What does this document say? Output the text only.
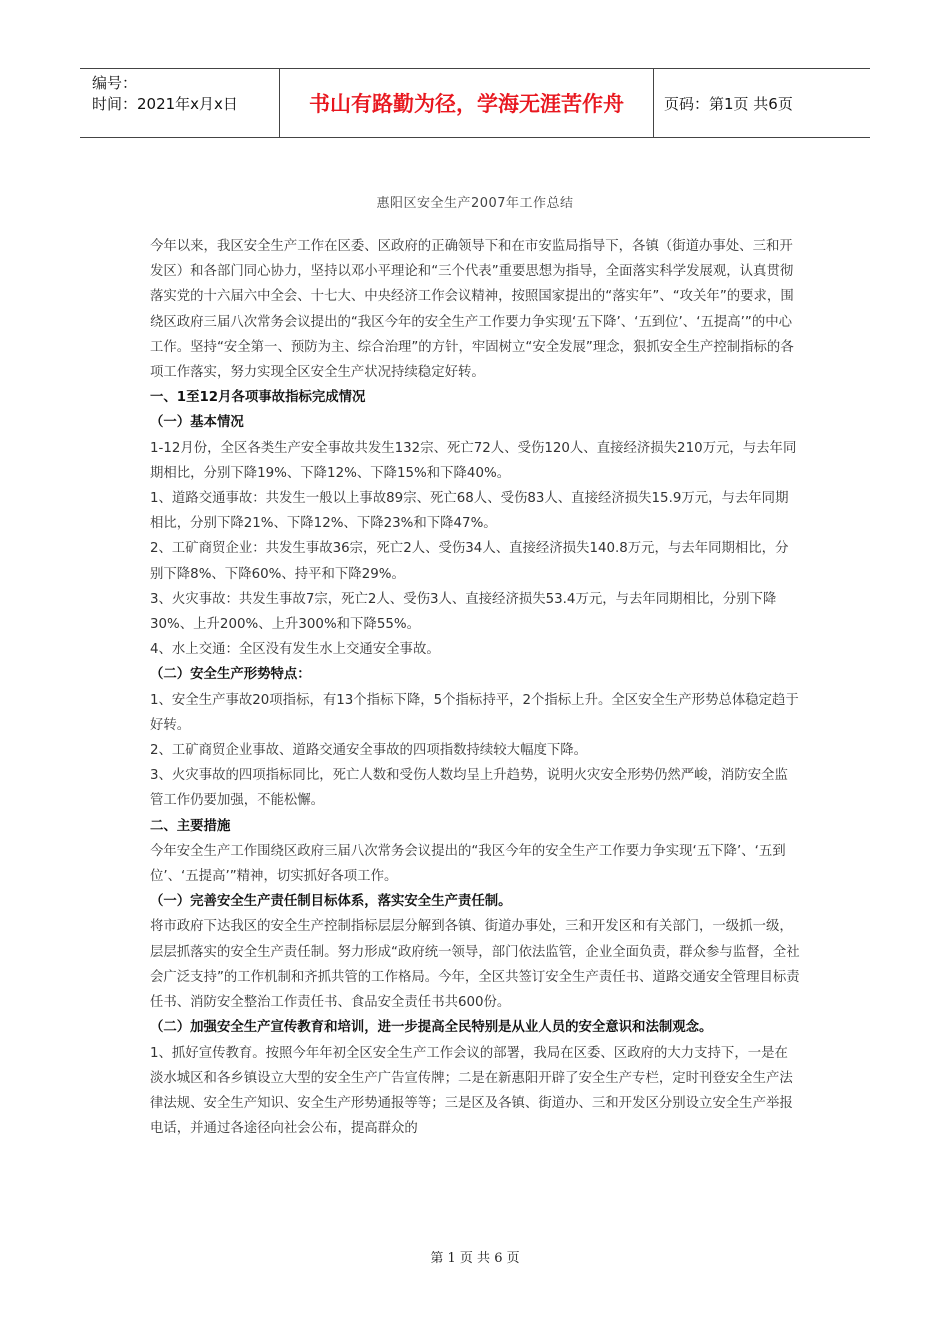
编号：
时间：2021年x月x日	书山有路勤为径，学海无涯苦作舟	页码：第1页 共6页
惠阳区安全生产2007年工作总结

今年以来，我区安全生产工作在区委、区政府的正确领导下和在市安监局指导下，各镇（街道办事处、三和开发区）和各部门同心协力，坚持以邓小平理论和“三个代表”重要思想为指导，全面落实科学发展观，认真贯彻落实党的十六届六中全会、十七大、中央经济工作会议精神，按照国家提出的“落实年”、“攻关年”的要求，围绕区政府三届八次常务会议提出的“我区今年的安全生产工作要力争实现‘五下降’、‘五到位’、‘五提高’”的中心工作。坚持“安全第一、预防为主、综合治理”的方针，牢固树立“安全发展”理念，狠抓安全生产控制指标的各项工作落实，努力实现全区安全生产状况持续稳定好转。

一、1至12月各项事故指标完成情况

（一）基本情况

1-12月份，全区各类生产安全事故共发生132宗、死亡72人、受伤120人、直接经济损失210万元，与去年同期相比，分别下降19%、下降12%、下降15%和下降40%。

1、道路交通事故：共发生一般以上事故89宗、死亡68人、受伤83人、直接经济损失15.9万元，与去年同期相比，分别下降21%、下降12%、下降23%和下降47%。

2、工矿商贸企业：共发生事故36宗，死亡2人、受伤34人、直接经济损失140.8万元，与去年同期相比，分别下降8%、下降60%、持平和下降29%。

3、火灾事故：共发生事故7宗，死亡2人、受伤3人、直接经济损失53.4万元，与去年同期相比，分别下降30%、上升200%、上升300%和下降55%。

4、水上交通：全区没有发生水上交通安全事故。

（二）安全生产形势特点：

1、安全生产事故20项指标，有13个指标下降，5个指标持平，2个指标上升。全区安全生产形势总体稳定趋于好转。

2、工矿商贸企业事故、道路交通安全事故的四项指数持续较大幅度下降。

3、火灾事故的四项指标同比，死亡人数和受伤人数均呈上升趋势，说明火灾安全形势仍然严峻，消防安全监管工作仍要加强，不能松懈。

二、主要措施

今年安全生产工作围绕区政府三届八次常务会议提出的“我区今年的安全生产工作要力争实现‘五下降’、‘五到位’、‘五提高’”精神，切实抓好各项工作。

（一）完善安全生产责任制目标体系，落实安全生产责任制。

将市政府下达我区的安全生产控制指标层层分解到各镇、街道办事处，三和开发区和有关部门，一级抓一级，层层抓落实的安全生产责任制。努力形成“政府统一领导，部门依法监管，企业全面负责，群众参与监督，全社会广泛支持”的工作机制和齐抓共管的工作格局。今年，全区共签订安全生产责任书、道路交通安全管理目标责任书、消防安全整治工作责任书、食品安全责任书共600份。

（二）加强安全生产宣传教育和培训，进一步提高全民特别是从业人员的安全意识和法制观念。

1、抓好宣传教育。按照今年年初全区安全生产工作会议的部署，我局在区委、区政府的大力支持下，一是在淡水城区和各乡镇设立大型的安全生产广告宣传牌；二是在新惠阳开辟了安全生产专栏，定时刊登安全生产法律法规、安全生产知识、安全生产形势通报等等；三是区及各镇、街道办、三和开发区分别设立安全生产举报电话，并通过各途径向社会公布，提高群众的

第 1 页 共 6 页
